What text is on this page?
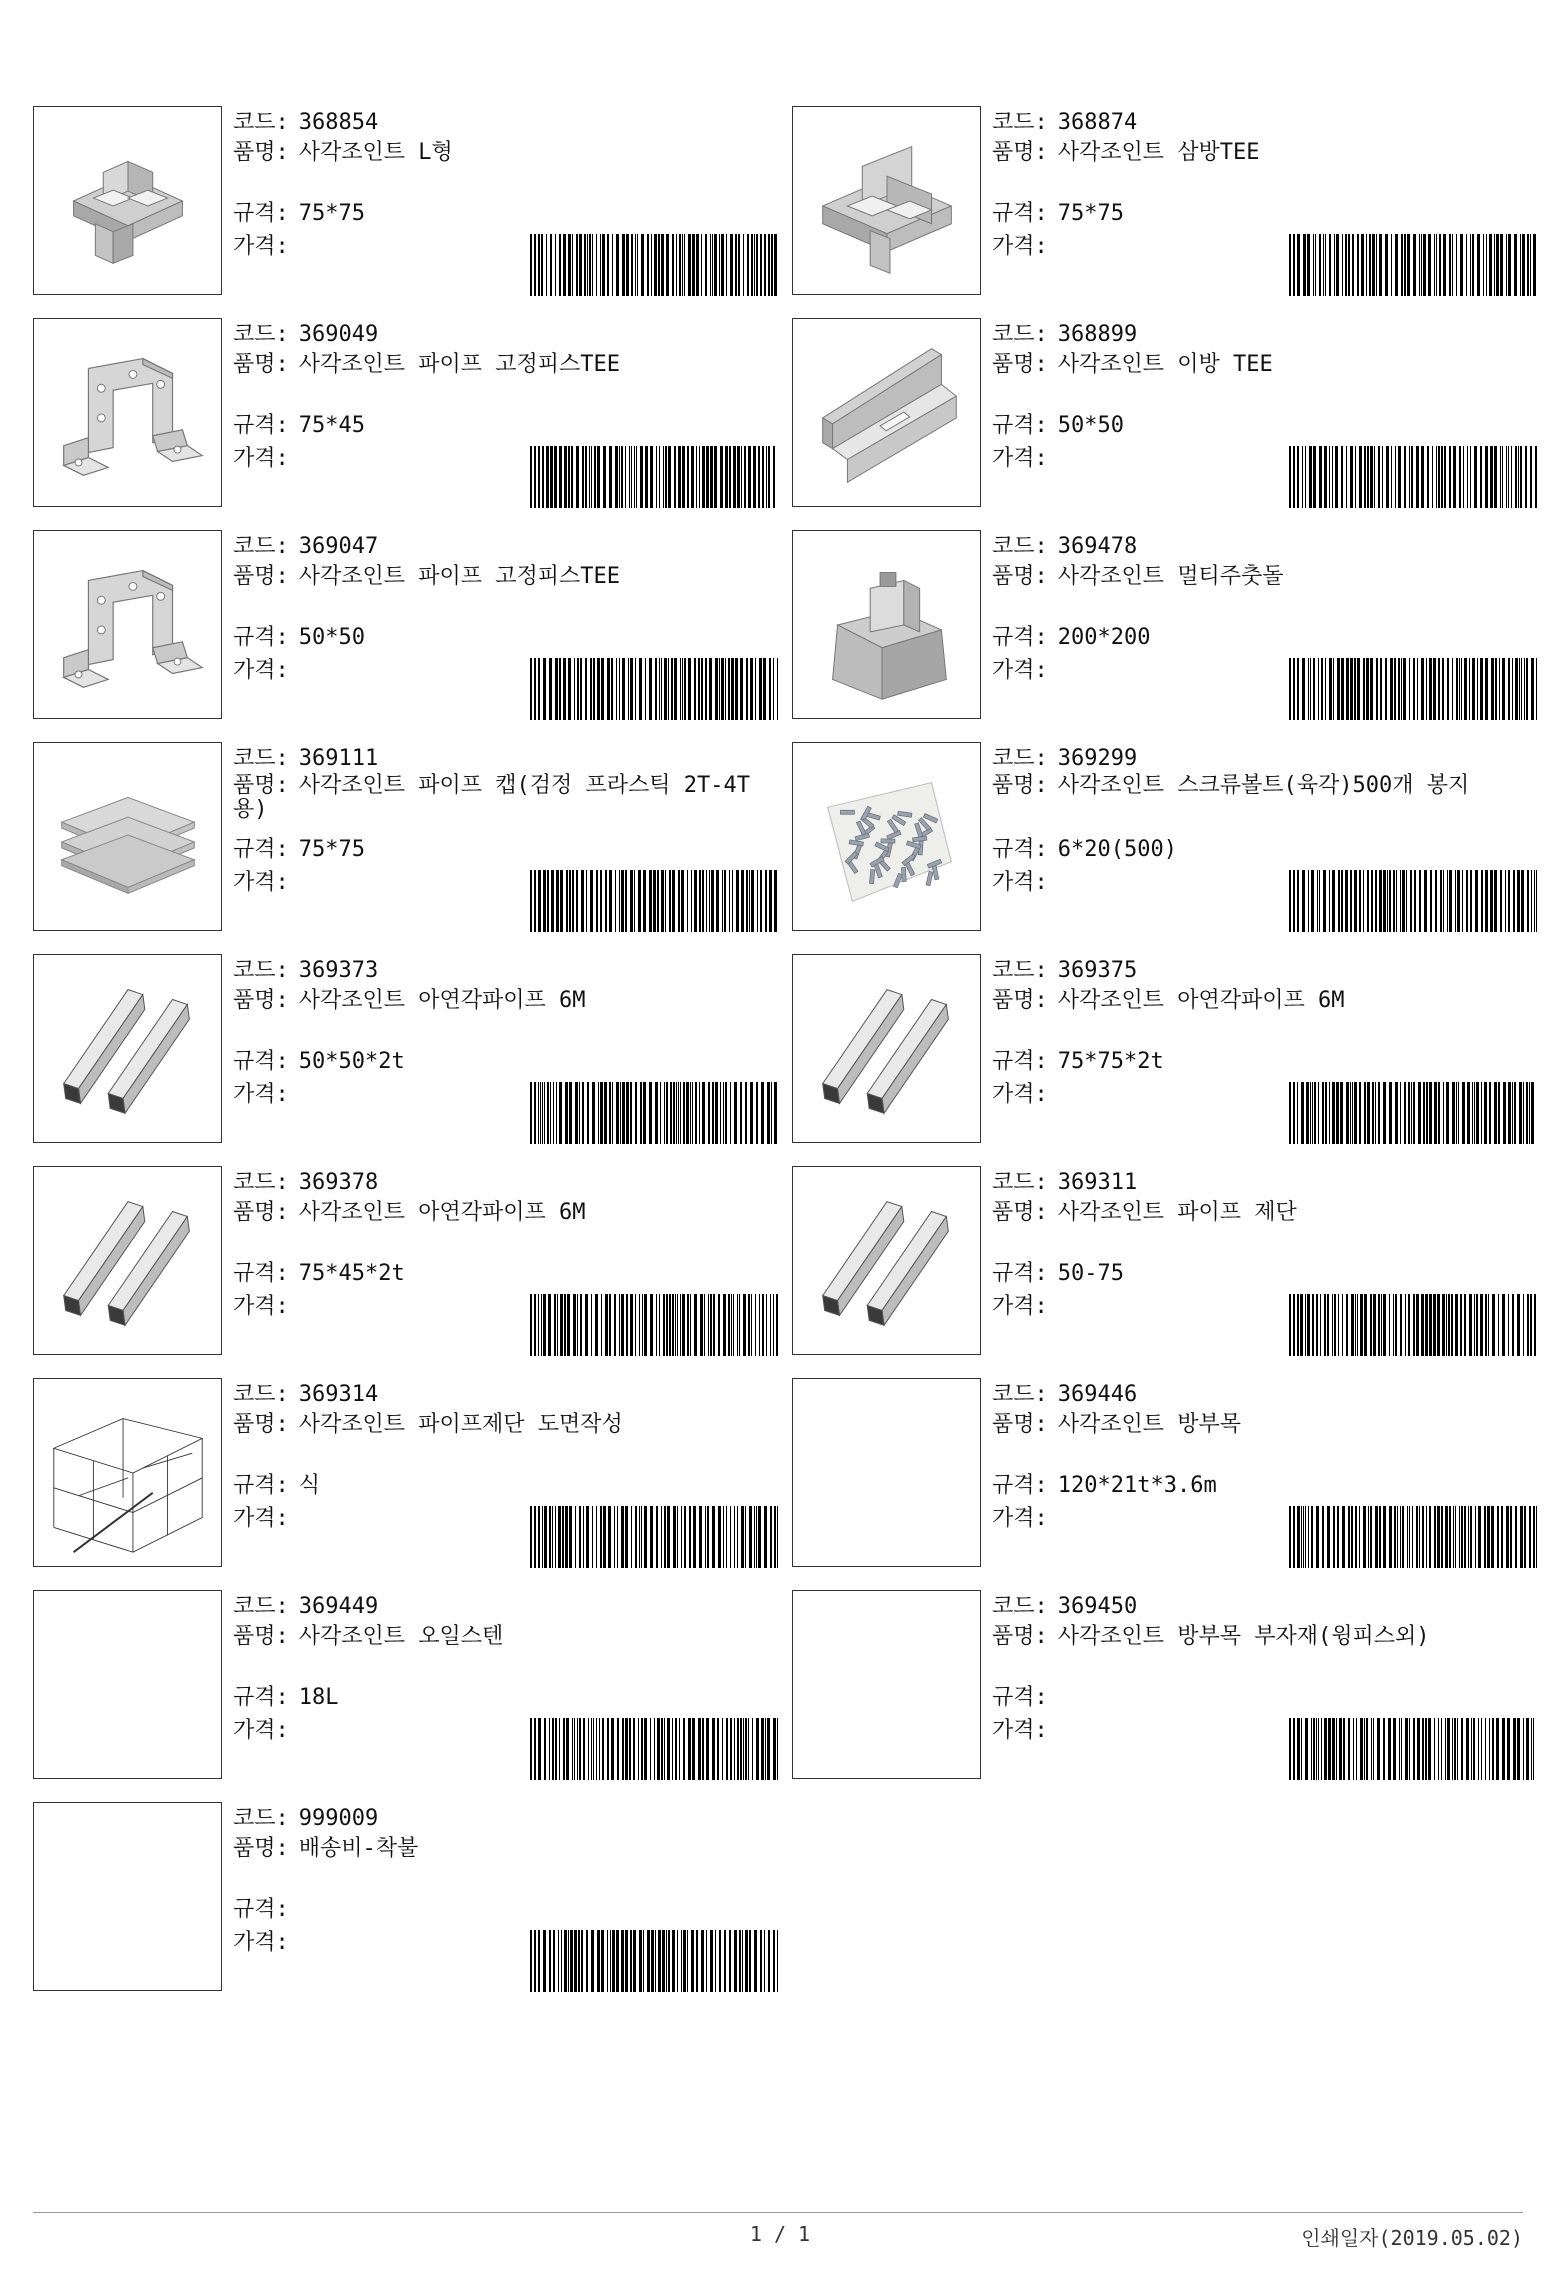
코드: 368854
품명: 사각조인트 L형
규격: 75*75
가격:
코드: 368874
품명: 사각조인트 삼방TEE
규격: 75*75
가격:
코드: 369049
품명: 사각조인트 파이프 고정피스TEE
규격: 75*45
가격:
코드: 368899
품명: 사각조인트 이방 TEE
규격: 50*50
가격:
코드: 369047
품명: 사각조인트 파이프 고정피스TEE
규격: 50*50
가격:
코드: 369478
품명: 사각조인트 멀티주춧돌
규격: 200*200
가격:
코드: 369111
품명: 사각조인트 파이프 캡(검정 프라스틱 2T-4T용)
규격: 75*75
가격:
코드: 369299
품명: 사각조인트 스크류볼트(육각)500개 봉지
규격: 6*20(500)
가격:
코드: 369373
품명: 사각조인트 아연각파이프 6M
규격: 50*50*2t
가격:
코드: 369375
품명: 사각조인트 아연각파이프 6M
규격: 75*75*2t
가격:
코드: 369378
품명: 사각조인트 아연각파이프 6M
규격: 75*45*2t
가격:
코드: 369311
품명: 사각조인트 파이프 제단
규격: 50-75
가격:
코드: 369314
품명: 사각조인트 파이프제단 도면작성
규격: 식
가격:
코드: 369446
품명: 사각조인트 방부목
규격: 120*21t*3.6m
가격:
코드: 369449
품명: 사각조인트 오일스텐
규격: 18L
가격:
코드: 369450
품명: 사각조인트 방부목 부자재(윙피스외)
규격:
가격:
코드: 999009
품명: 배송비-착불
규격:
가격:
1 / 1	인쇄일자(2019.05.02)
